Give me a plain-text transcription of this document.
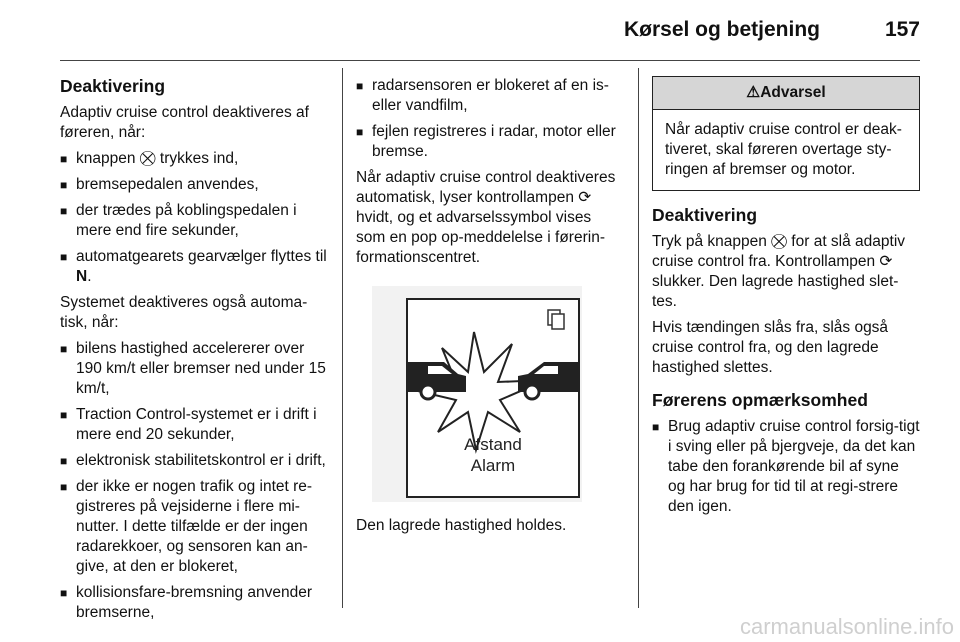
Kørsel og betjening	157

Deaktivering

Adaptiv cruise control deaktiveres af føreren, når:

■ knappen ⛒ trykkes ind,
■ bremsepedalen anvendes,
■ der trædes på koblingspedalen i mere end fire sekunder,
■ automatgearets gearvælger flyttes til N.

Systemet deaktiveres også automa-tisk, når:

■ bilens hastighed accelererer over 190 km/t eller bremser ned under 15 km/t,
■ Traction Control-systemet er i drift i mere end 20 sekunder,
■ elektronisk stabilitetskontrol er i drift,
■ der ikke er nogen trafik og intet re-gistreres på vejsiderne i flere mi-nutter. I dette tilfælde er der ingen radarekkoer, og sensoren kan an-give, at den er blokeret,
■ kollisionsfare-bremsning anvender bremserne,
■ radarsensoren er blokeret af en is-eller vandfilm,
■ fejlen registreres i radar, motor eller bremse.

Når adaptiv cruise control deaktiveres automatisk, lyser kontrollampen ⟳ hvidt, og et advarselssymbol vises som en pop op-meddelelse i førerin-formationscentret.

Afstand
Alarm

Den lagrede hastighed holdes.

⚠Advarsel
Når adaptiv cruise control er deak-tiveret, skal føreren overtage sty-ringen af bremser og motor.

Deaktivering

Tryk på knappen ⛒ for at slå adaptiv cruise control fra. Kontrollampen ⟳ slukker. Den lagrede hastighed slet-tes.

Hvis tændingen slås fra, slås også cruise control fra, og den lagrede hastighed slettes.

Førerens opmærksomhed

■ Brug adaptiv cruise control forsig-tigt i sving eller på bjergveje, da det kan tabe den forankørende bil af syne og har brug for tid til at regi-strere den igen.
carmanualsonline.info
